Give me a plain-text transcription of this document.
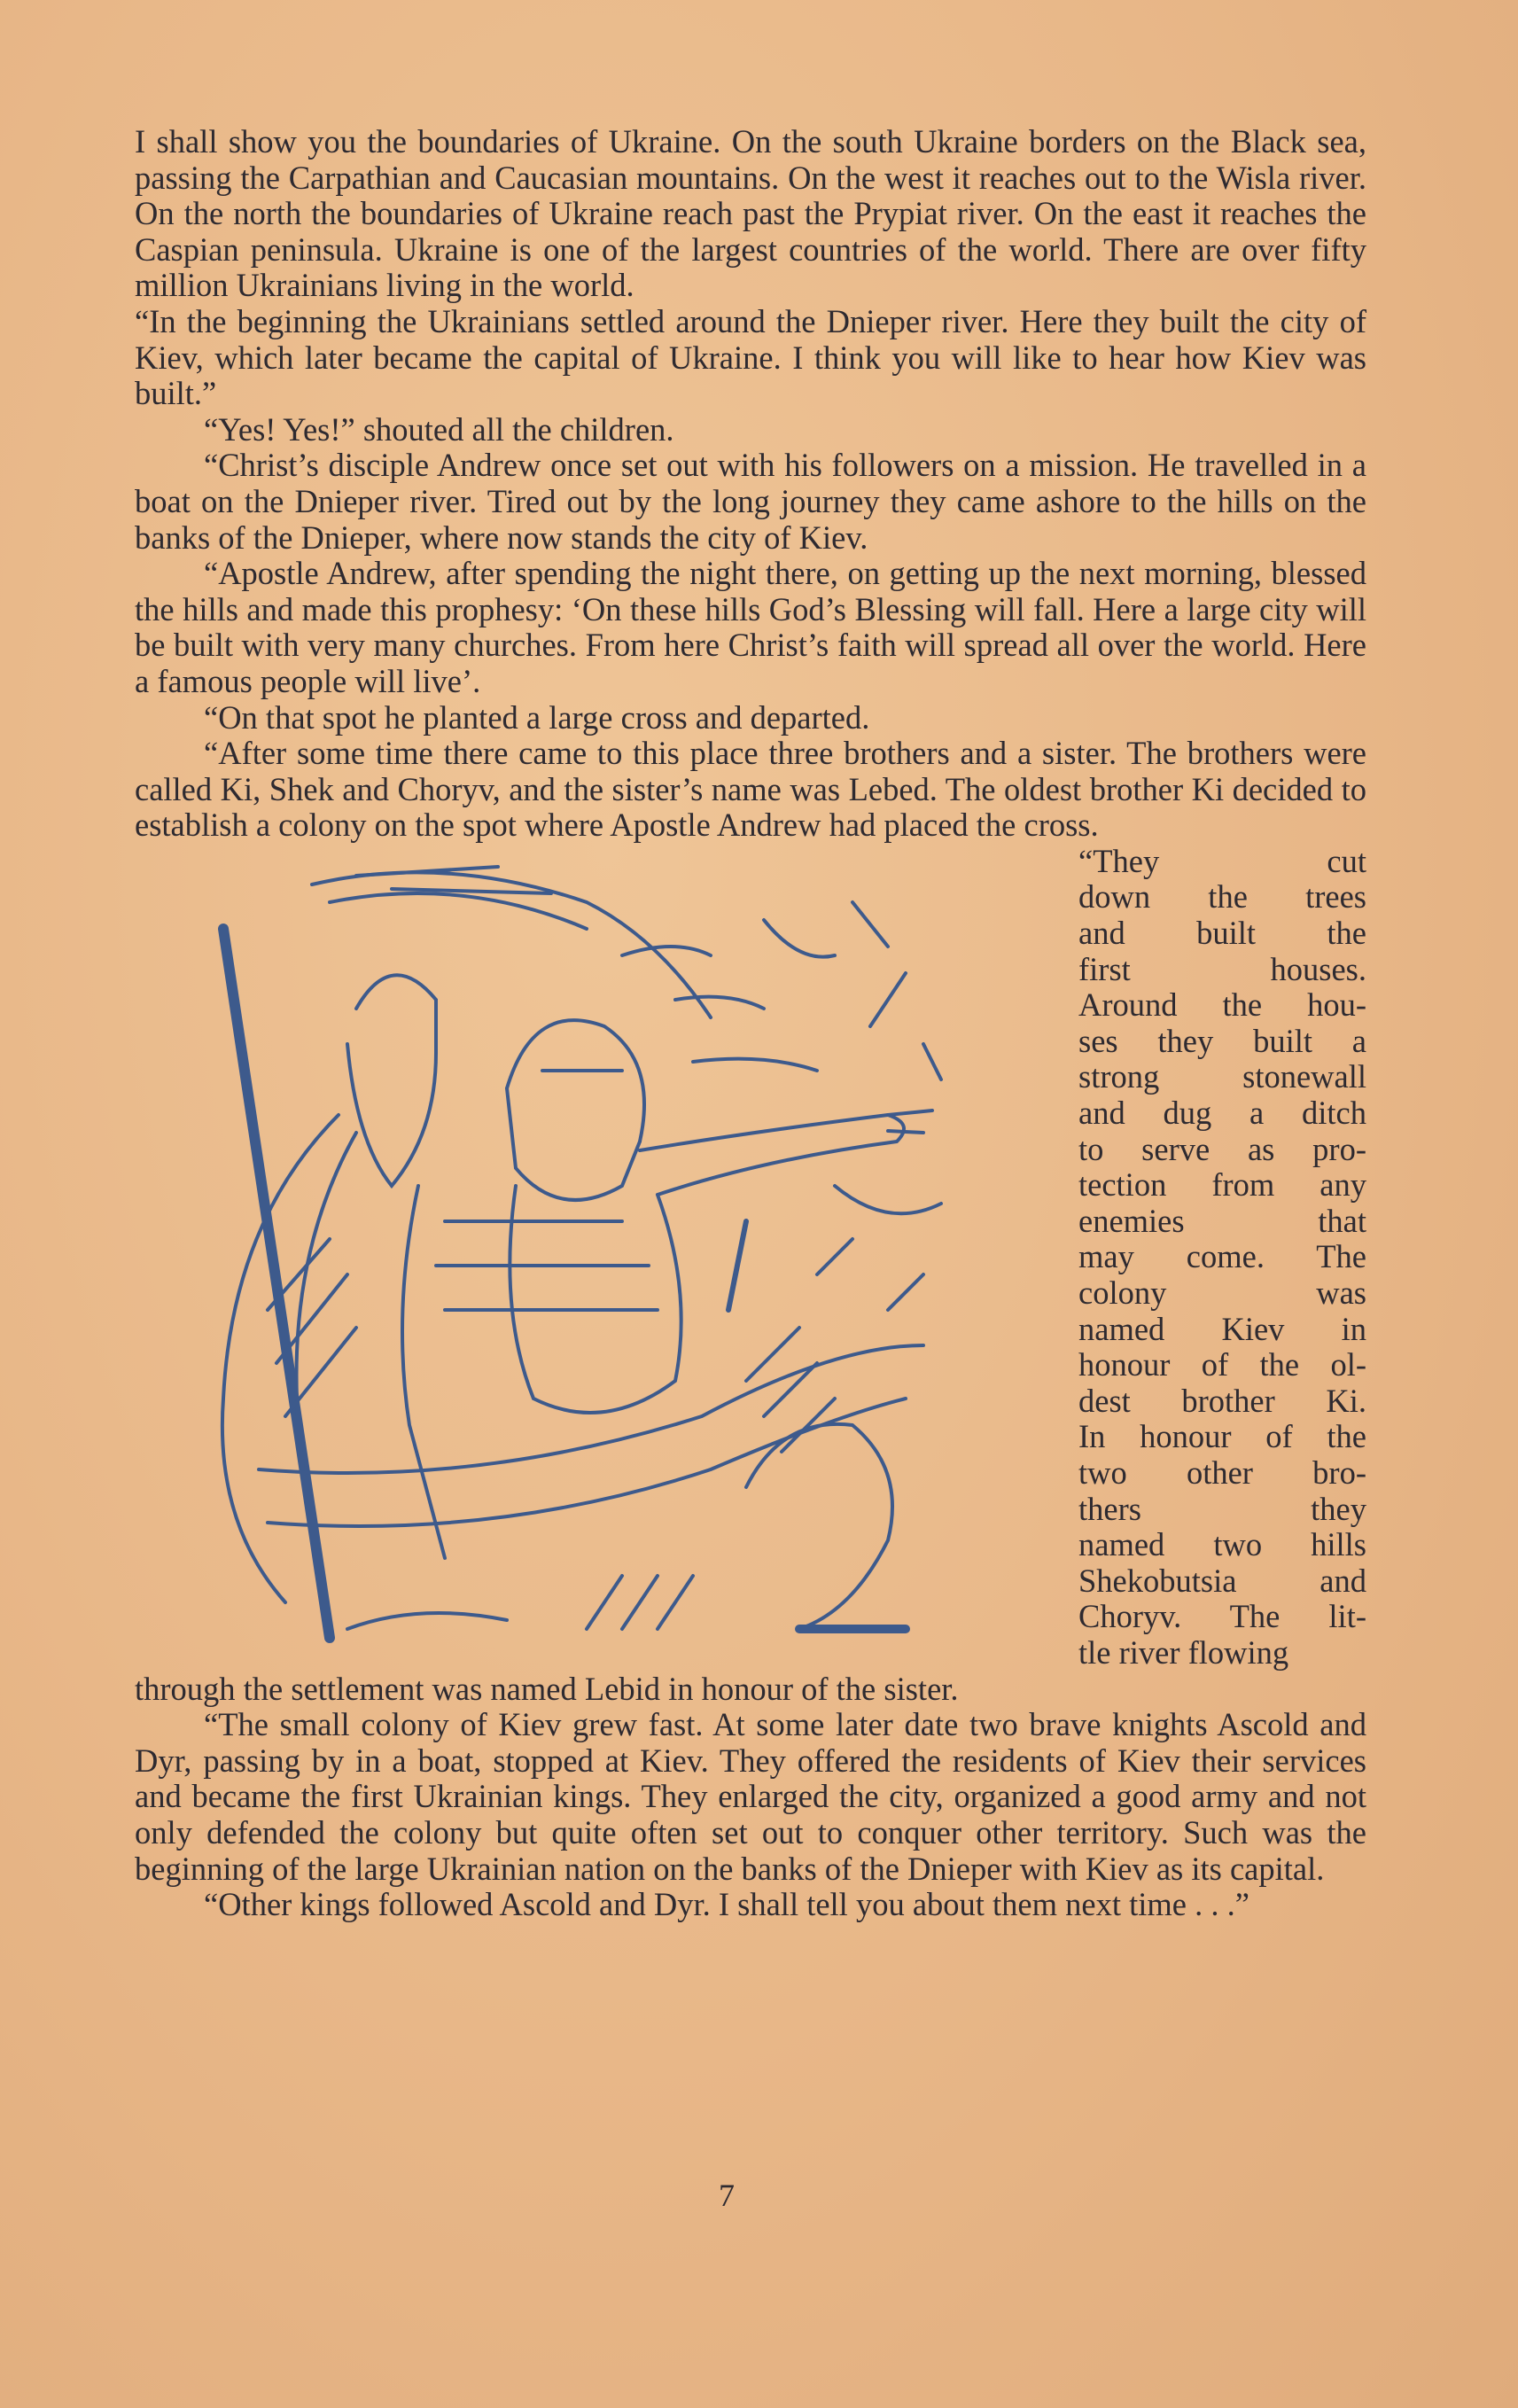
I shall show you the boundaries of Ukraine. On the south Ukraine borders on the Black sea, passing the Carpathian and Caucasian mountains. On the west it reaches out to the Wisla river. On the north the boundaries of Ukraine reach past the Prypiat river. On the east it reaches the Caspian peninsula. Ukraine is one of the largest countries of the world. There are over fifty million Ukrainians living in the world.

“In the beginning the Ukrainians settled around the Dnieper river. Here they built the city of Kiev, which later became the capital of Ukraine. I think you will like to hear how Kiev was built.”

“Yes! Yes!” shouted all the children.

“Christ’s disciple Andrew once set out with his followers on a mission. He travelled in a boat on the Dnieper river. Tired out by the long journey they came ashore to the hills on the banks of the Dnieper, where now stands the city of Kiev.

“Apostle Andrew, after spending the night there, on getting up the next morning, blessed the hills and made this prophesy: ‘On these hills God’s Blessing will fall. Here a large city will be built with very many churches. From here Christ’s faith will spread all over the world. Here a famous people will live’.

“On that spot he planted a large cross and departed.

“After some time there came to this place three brothers and a sister. The brothers were called Ki, Shek and Choryv, and the sister’s name was Lebed. The oldest brother Ki decided to establish a colony on the spot where Apostle Andrew had placed the cross.

“They cut

down the trees

and built the

first houses.

Around the hou-

ses they built a

strong stonewall

and dug a ditch

to serve as pro-

tection from any

enemies that

may come. The

colony was

named Kiev in

honour of the ol-

dest brother Ki.

In honour of the

two other bro-

thers they

named two hills

Shekobutsia and

Choryv. The lit-

tle river flowing

through the settlement was named Lebid in honour of the sister.

“The small colony of Kiev grew fast. At some later date two brave knights Ascold and Dyr, passing by in a boat, stopped at Kiev. They offered the residents of Kiev their services and became the first Ukrainian kings. They enlarged the city, organized a good army and not only defended the colony but quite often set out to conquer other territory. Such was the beginning of the large Ukrainian nation on the banks of the Dnieper with Kiev as its capital.

“Other kings followed Ascold and Dyr. I shall tell you about them next time . . .”

7
